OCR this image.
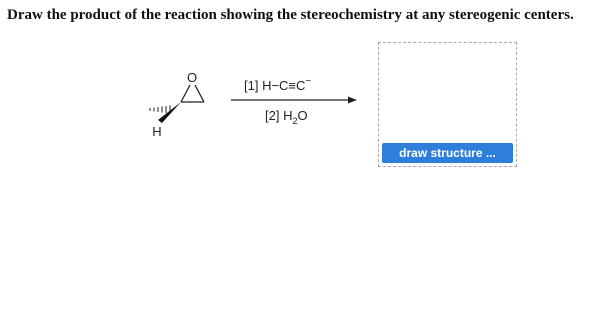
Draw the product of the reaction showing the stereochemistry at any stereogenic centers.

O
H
[1] H−C≡C−
[2] $H_2O$
draw structure ...
